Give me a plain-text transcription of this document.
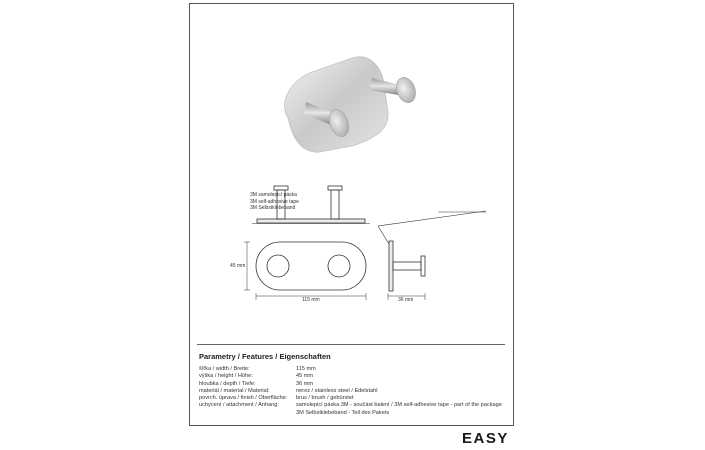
3M samolepicí páska
3M self-adhesive tape
3M Selbstklebeband
45 mm
115 mm	36 mm
Parametry / Features / Eigenschaften
šířka / width / Breite:	115 mm
výška / height / Höhe:	45 mm
hloubka / depth / Tiefe:	36 mm
materiál / material / Material:	nerez / stainless steel / Edelstahl
povrch. úprava / finish / Oberfläche:	brus / brush / gebürstet
uchycení / attachment / Anhang:	samolepicí páska 3M - součást balení / 3M self-adhesive tape - part of the package
3M Selbstklebeband - Teil des Pakets
EASY
